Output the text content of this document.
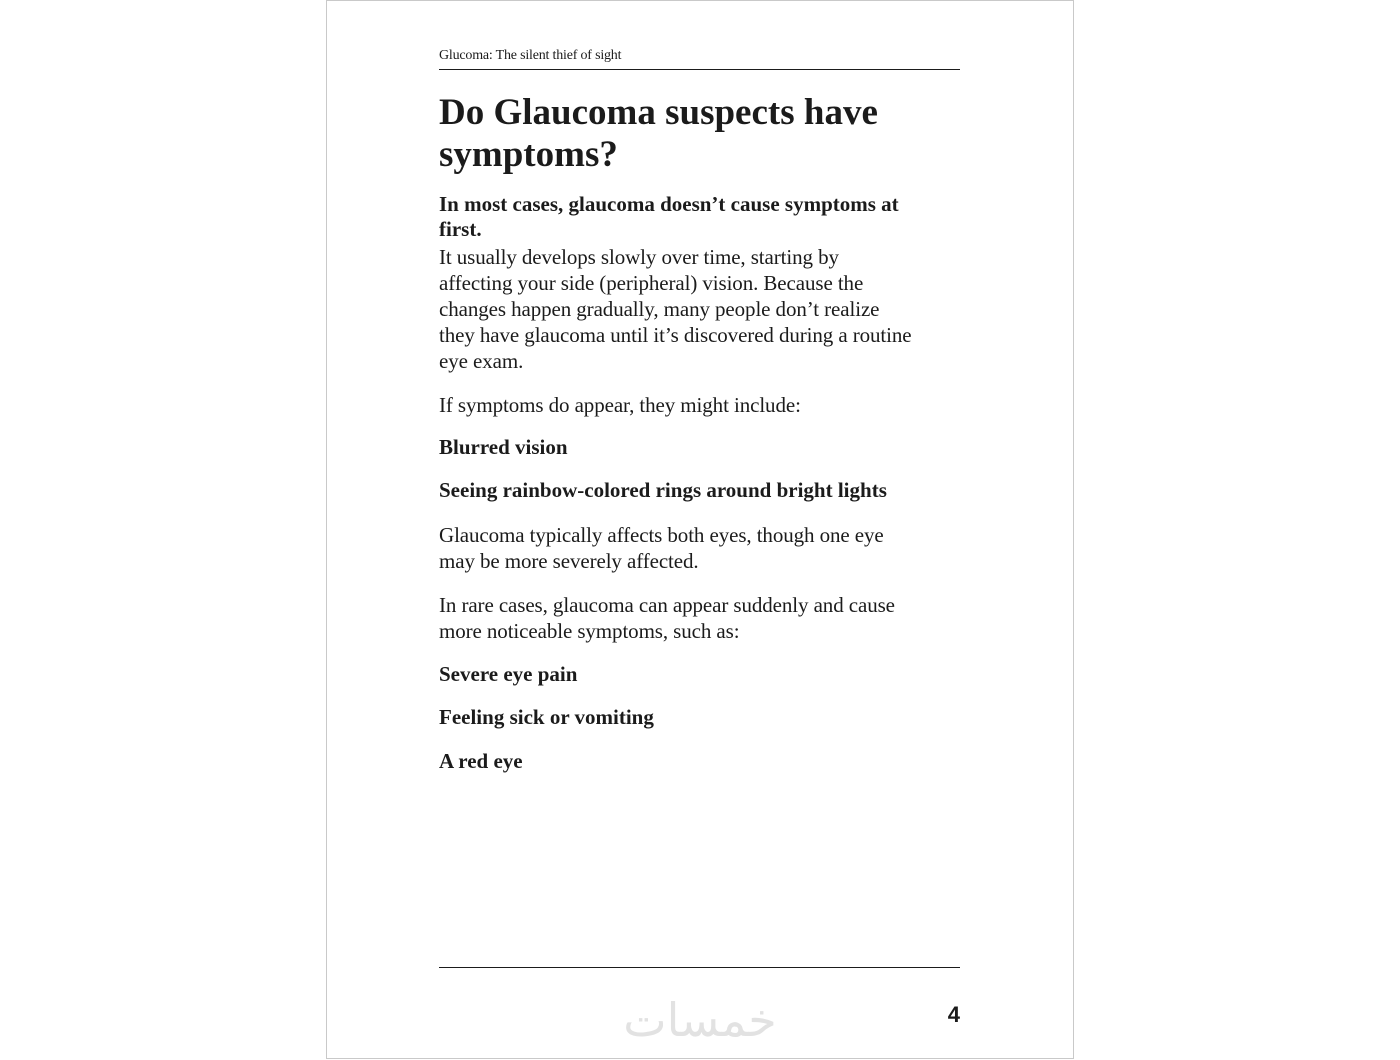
Glucoma: The silent thief of sight
Do Glaucoma suspects have
symptoms?
In most cases, glaucoma doesn’t cause symptoms at
first.
It usually develops slowly over time, starting by
affecting your side (peripheral) vision. Because the
changes happen gradually, many people don’t realize
they have glaucoma until it’s discovered during a routine
eye exam.
If symptoms do appear, they might include:
Blurred vision
Seeing rainbow-colored rings around bright lights
Glaucoma typically affects both eyes, though one eye
may be more severely affected.
In rare cases, glaucoma can appear suddenly and cause
more noticeable symptoms, such as:
Severe eye pain
Feeling sick or vomiting
A red eye
خمسات	4
